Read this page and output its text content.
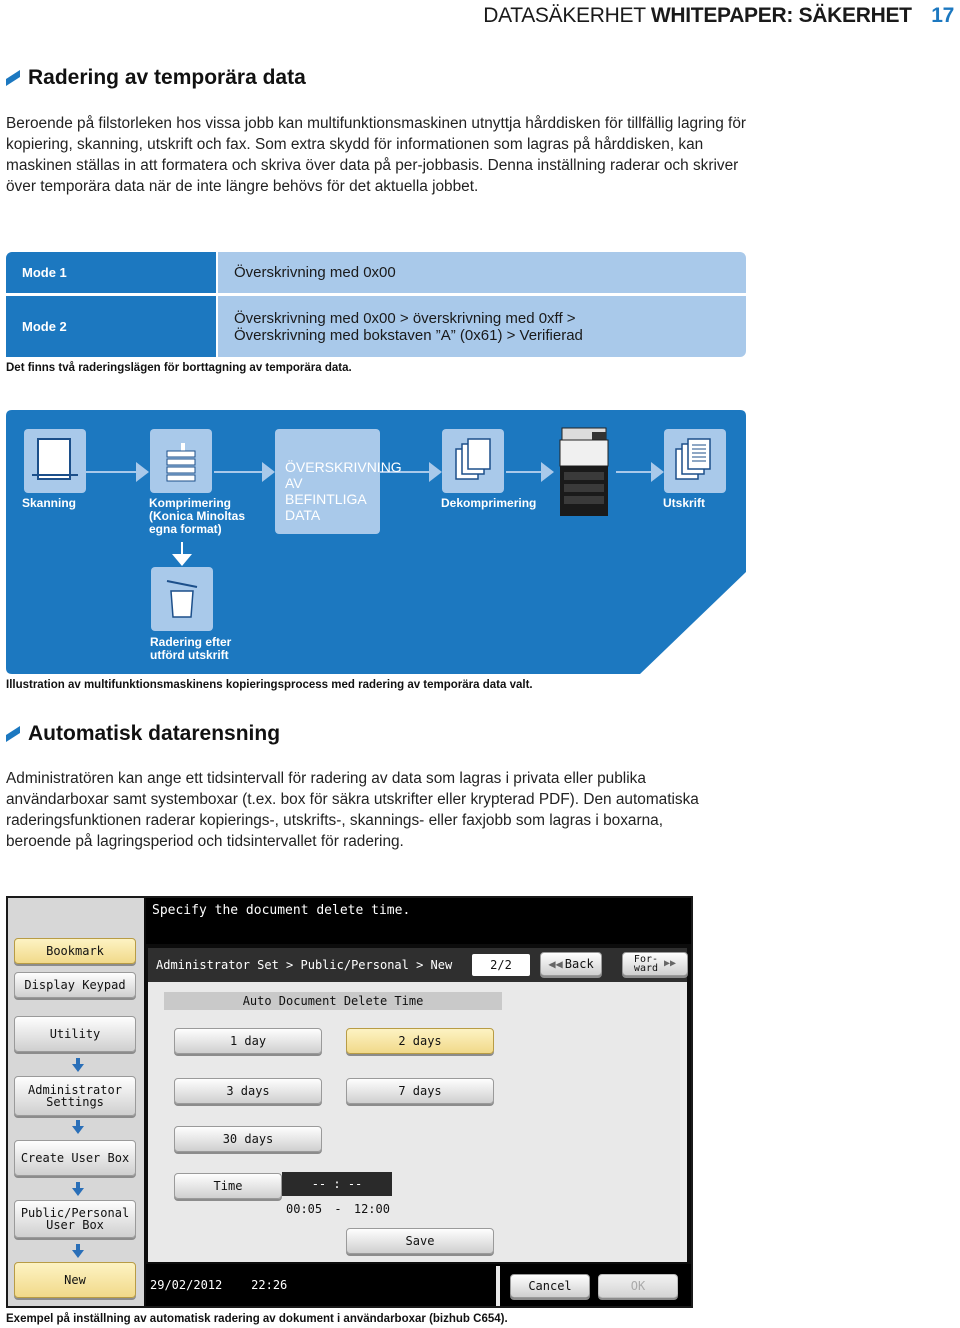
DATASÄKERHET WHITEPAPER: SÄKERHET 17
Radering av temporära data

Beroende på filstorleken hos vissa jobb kan multifunktionsmaskinen utnyttja hårddisken för tillfällig lagring för kopiering, skanning, utskrift och fax. Som extra skydd för informationen som lagras på hårddisken, kan maskinen ställas in att formatera och skriva över data på per-jobbasis. Denna inställning raderar och skriver över temporära data när de inte längre behövs för det aktuella jobbet.

Mode 1	Överskrivning med 0x00
Mode 2	Överskrivning med 0x00 > överskrivning med 0xff >
Överskrivning med bokstaven ”A” (0x61) > Verifierad
Det finns två raderingslägen för borttagning av temporära data.
Skanning	Komprimering
(Konica Minoltas
egna format)
ÖVERSKRIVNING
AV BEFINTLIGA
DATA
Dekomprimering	Utskrift
Radering efter
utförd utskrift
Illustration av multifunktionsmaskinens kopieringsprocess med radering av temporära data valt.
Automatisk datarensning

Administratören kan ange ett tidsintervall för radering av data som lagras i privata eller publika användarboxar samt systemboxar (t.ex. box för säkra utskrifter eller krypterad PDF). Den automatiska raderingsfunktionen raderar kopierings-, utskrifts-, skannings- eller faxjobb som lagras i boxarna, beroende på lagringsperiod och tidsintervallet för radering.

Specify the document delete time.
Bookmark
Display Keypad
Utility
Administrator
Settings
Create User Box
Public/Personal
User Box
New
Administrator Set > Public/Personal > New	2/2	◀◀ Back	For-
ward ▶▶
Auto Document Delete Time
1 day	2 days
3 days	7 days
30 days
Time	-- : --
00:05 - 12:00
Save
29/02/2012    22:26	Cancel	OK
Exempel på inställning av automatisk radering av dokument i användarboxar (bizhub C654).
